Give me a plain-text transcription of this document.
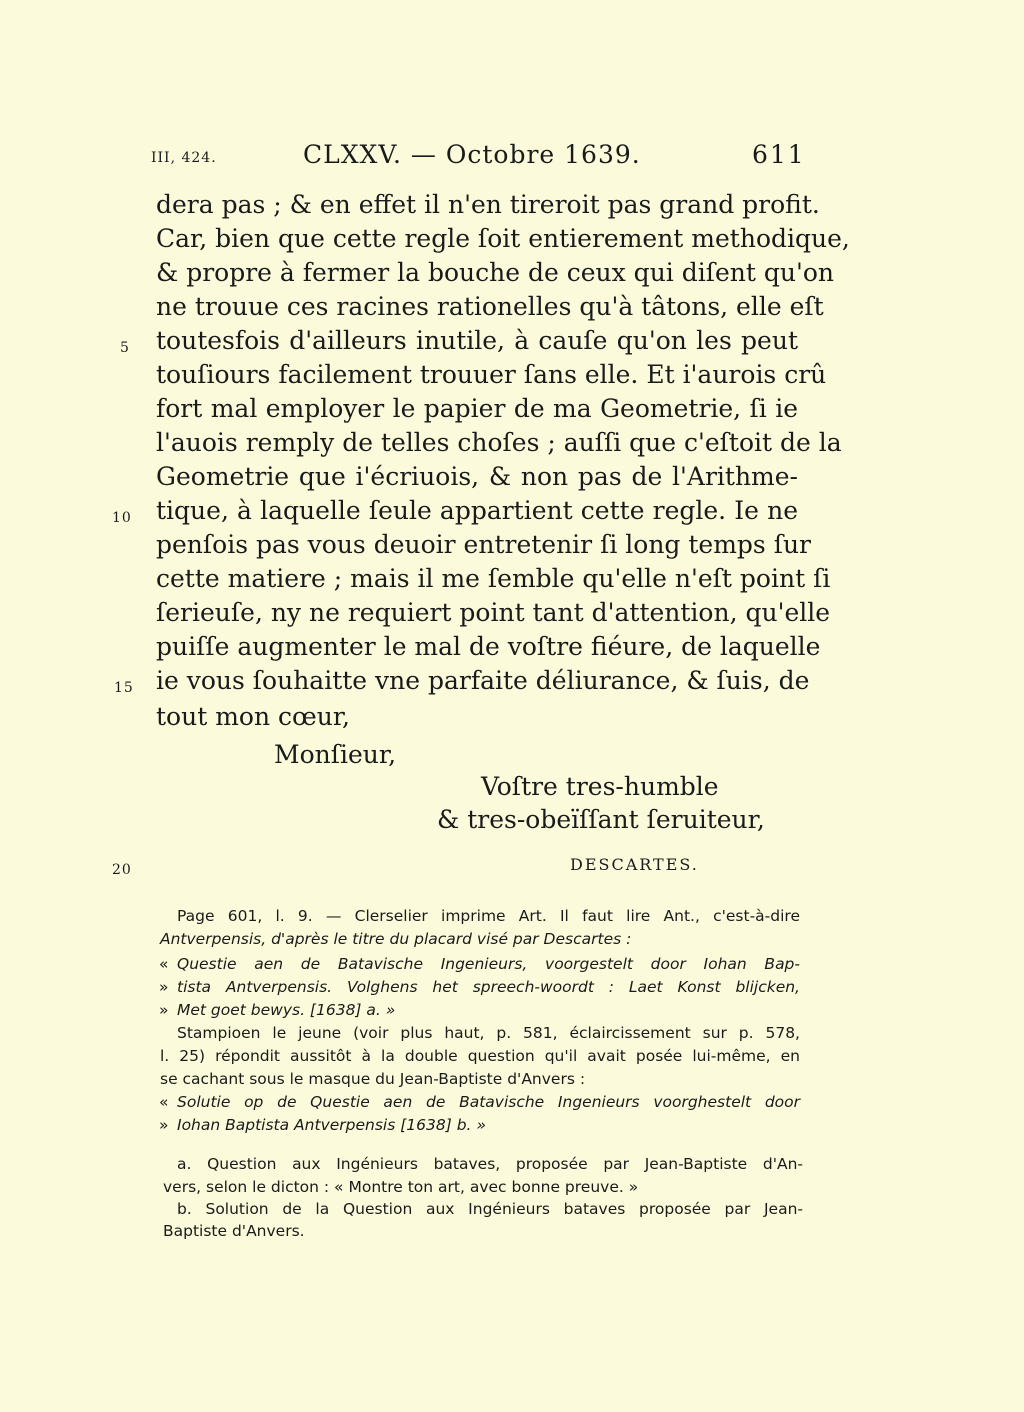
III, 424.	CLXXV. — Octobre 1639.	611
dera pas ; & en effet il n'en tireroit pas grand profit.
Car, bien que cette regle ſoit entierement methodique,
& propre à fermer la bouche de ceux qui diſent qu'on
ne trouue ces racines rationelles qu'à tâtons, elle eſt
toutesfois d'ailleurs inutile, à cauſe qu'on les peut
touſiours facilement trouuer ſans elle. Et i'aurois crû
fort mal employer le papier de ma Geometrie, ſi ie
l'auois remply de telles choſes ; auſſi que c'eſtoit de la
Geometrie que i'écriuois, & non pas de l'Arithme-
tique, à laquelle ſeule appartient cette regle. Ie ne
penſois pas vous deuoir entretenir ſi long temps ſur
cette matiere ; mais il me ſemble qu'elle n'eſt point ſi
ſerieuſe, ny ne requiert point tant d'attention, qu'elle
puiſſe augmenter le mal de voſtre fiéure, de laquelle
ie vous ſouhaitte vne parfaite déliurance, & ſuis, de
tout mon cœur,
5
10
15
20
Monſieur,
Voſtre tres-humble
& tres-obeïſſant ſeruiteur,
DESCARTES.
Page 601, l. 9. — Clerselier imprime Art. Il faut lire Ant., c'est-à-dire
Antverpensis, d'après le titre du placard visé par Descartes :
« Questie aen de Batavische Ingenieurs, voorgestelt door Iohan Bap-
» tista Antverpensis. Volghens het spreech-woordt : Laet Konst blijcken,
» Met goet bewys. [1638] a. »
Stampioen le jeune (voir plus haut, p. 581, éclaircissement sur p. 578,
l. 25) répondit aussitôt à la double question qu'il avait posée lui-même, en
se cachant sous le masque du Jean-Baptiste d'Anvers :
« Solutie op de Questie aen de Batavische Ingenieurs voorghestelt door
» Iohan Baptista Antverpensis [1638] b. »
a. Question aux Ingénieurs bataves, proposée par Jean-Baptiste d'An-
vers, selon le dicton : « Montre ton art, avec bonne preuve. »
b. Solution de la Question aux Ingénieurs bataves proposée par Jean-
Baptiste d'Anvers.
